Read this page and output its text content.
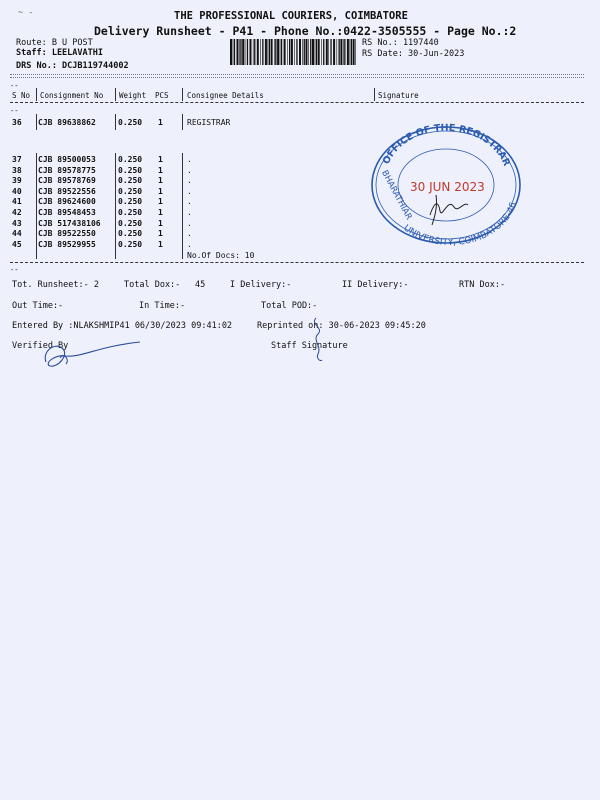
~ -	THE PROFESSIONAL COURIERS, COIMBATORE
Delivery Runsheet - P41 - Phone No.:0422-3505555 - Page No.:2
Route: B U POST
Staff: LEELAVATHI
DRS No.: DCJB119744002
RS No.: 1197440
RS Date: 30-Jun-2023
--
S No Consignment No Weight PCS Consignee Details	Signature
--
36 CJB 89638862	0.250 1	REGISTRAR
37 CJB 89500053	0.250 1	.
38 CJB 89578775	0.250 1	.
39 CJB 89578769	0.250 1	.
40 CJB 89522556	0.250 1	.
41 CJB 89624600	0.250 1	.
42 CJB 89548453	0.250 1	.
43 CJB 517438106 0.250 1	.
44 CJB 89522550	0.250 1	.
45 CJB 89529955	0.250 1	.
No.Of Docs: 10
--
Tot. Runsheet:- 2	Total Dox:- 45	I Delivery:-	II Delivery:-	RTN Dox:-
Out Time:-	In Time:-	Total POD:-
Entered By :NLAKSHMIP41 06/30/2023 09:41:02	Reprinted on: 30-06-2023 09:45:20
Verified By	Staff Signature
OFFICE OF THE REGISTRAR
BHARATHIAR
UNIVERSITY, COIMBATORE-46
30 JUN 2023
